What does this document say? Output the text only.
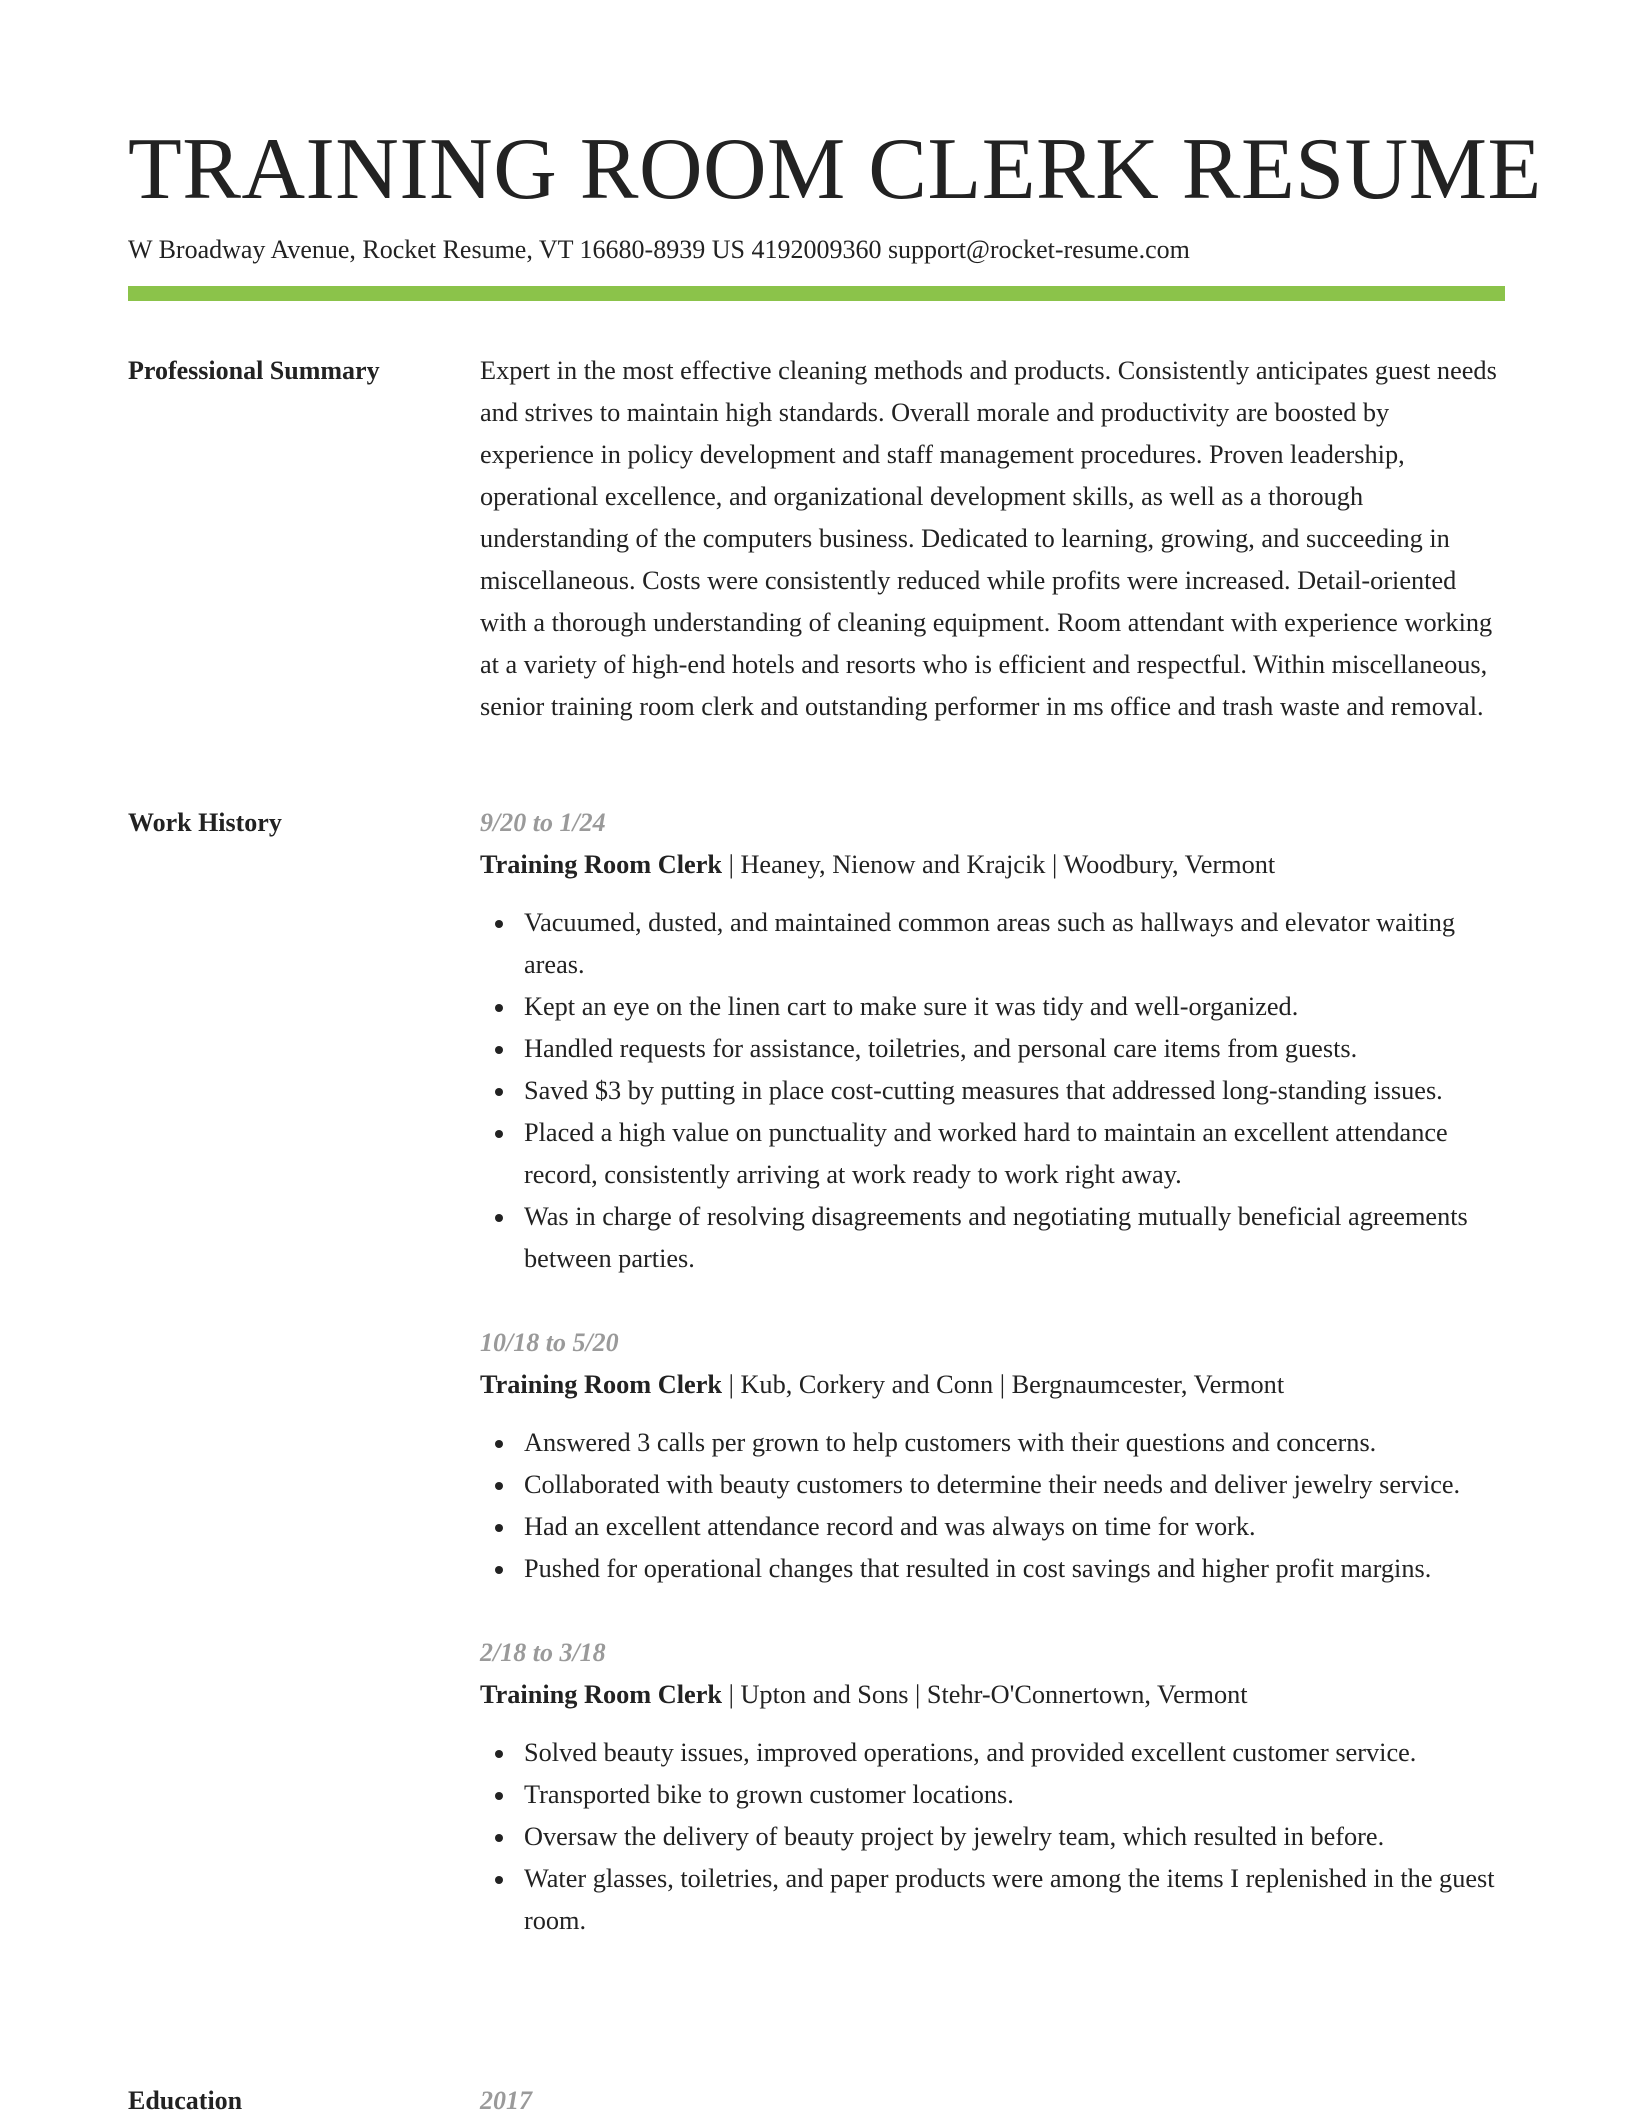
TRAINING ROOM CLERK RESUME
W Broadway Avenue, Rocket Resume, VT 16680-8939 US 4192009360 support@rocket-resume.com
Professional Summary	Expert in the most effective cleaning methods and products. Consistently anticipates guest needs and strives to maintain high standards. Overall morale and productivity are boosted by experience in policy development and staff management procedures. Proven leadership, operational excellence, and organizational development skills, as well as a thorough understanding of the computers business. Dedicated to learning, growing, and succeeding in miscellaneous. Costs were consistently reduced while profits were increased. Detail-oriented with a thorough understanding of cleaning equipment. Room attendant with experience working at a variety of high-end hotels and resorts who is efficient and respectful. Within miscellaneous, senior training room clerk and outstanding performer in ms office and trash waste and removal.

Work History	9/20 to 1/24
Training Room Clerk | Heaney, Nienow and Krajcik | Woodbury, Vermont
Vacuumed, dusted, and maintained common areas such as hallways and elevator waiting areas.
Kept an eye on the linen cart to make sure it was tidy and well-organized.
Handled requests for assistance, toiletries, and personal care items from guests.
Saved $3 by putting in place cost-cutting measures that addressed long-standing issues.
Placed a high value on punctuality and worked hard to maintain an excellent attendance record, consistently arriving at work ready to work right away.
Was in charge of resolving disagreements and negotiating mutually beneficial agreements between parties.
10/18 to 5/20
Training Room Clerk | Kub, Corkery and Conn | Bergnaumcester, Vermont
Answered 3 calls per grown to help customers with their questions and concerns.
Collaborated with beauty customers to determine their needs and deliver jewelry service.
Had an excellent attendance record and was always on time for work.
Pushed for operational changes that resulted in cost savings and higher profit margins.
2/18 to 3/18
Training Room Clerk | Upton and Sons | Stehr-O'Connertown, Vermont
Solved beauty issues, improved operations, and provided excellent customer service.
Transported bike to grown customer locations.
Oversaw the delivery of beauty project by jewelry team, which resulted in before.
Water glasses, toiletries, and paper products were among the items I replenished in the guest room.
Education	2017
